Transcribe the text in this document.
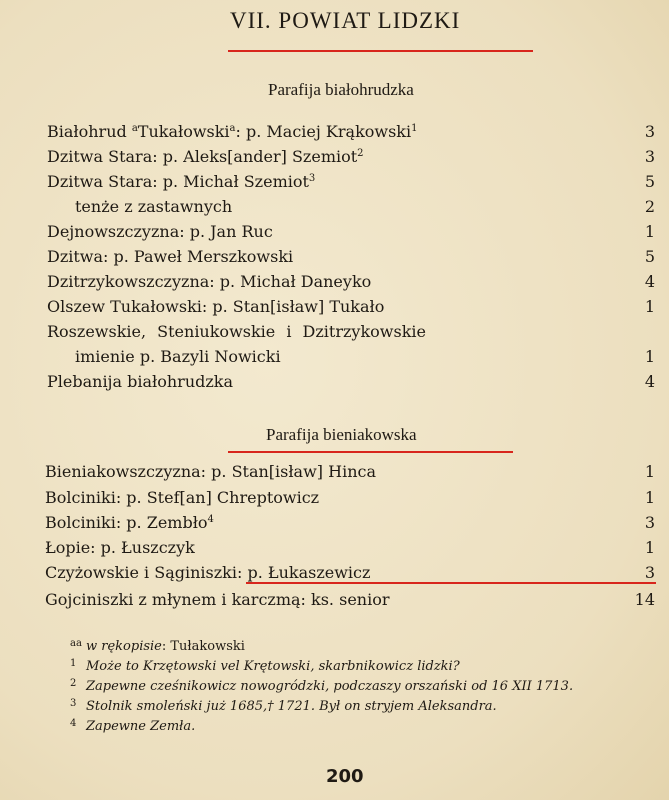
VII. POWIAT LIDZKI
Parafija białohrudzka
Białohrud $^a$Tukałowski$^a$: p. Maciej Krąkowski$^1$	3
Dzitwa Stara: p. Aleks[ander] Szemiot$^2$	3
Dzitwa Stara: p. Michał Szemiot$^3$	5
tenże z zastawnych	2
Dejnowszczyzna: p. Jan Ruc	1
Dzitwa: p. Paweł Merszkowski	5
Dzitrzykowszczyzna: p. Michał Daneyko	4
Olszew Tukałowski: p. Stan[isław] Tukało	1
Roszewskie, Steniukowskie i Dzitrzykowskie
imienie p. Bazyli Nowicki	1
Plebanija białohrudzka	4
Parafija bieniakowska
Bieniakowszczyzna: p. Stan[isław] Hinca	1
Bolciniki: p. Stef[an] Chreptowicz	1
Bolciniki: p. Zembło$^4$	3
Łopie: p. Łuszczyk	1
Czyżowskie i Sąginiszki: p. Łukaszewicz	3
Gojciniszki z młynem i karczmą: ks. senior	14
aa w rękopisie: Tułakowski
1 Może to Krzętowski vel Krętowski, skarbnikowicz lidzki?
2 Zapewne cześnikowicz nowogródzki, podczaszy orszański od 16 XII 1713.
3 Stolnik smoleński już 1685,† 1721. Był on stryjem Aleksandra.
4 Zapewne Zemła.
200
